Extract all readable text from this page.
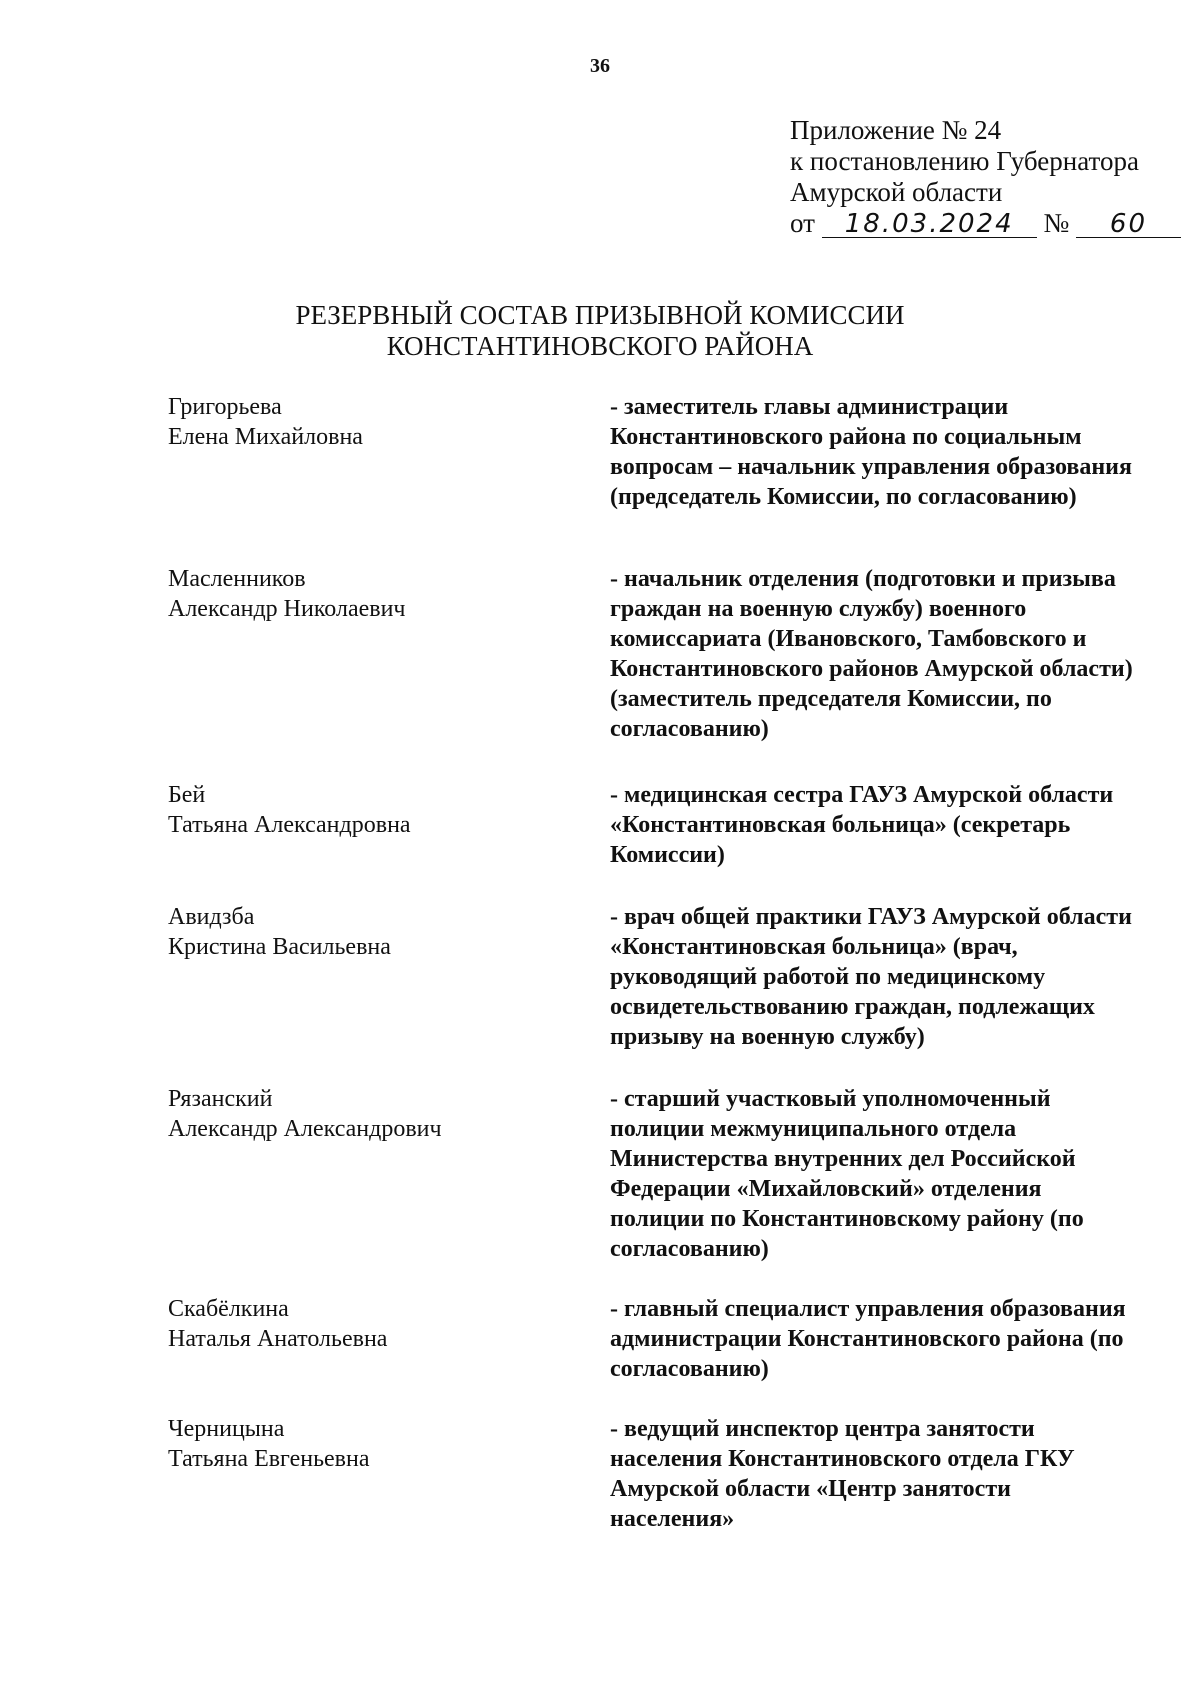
36
Приложение № 24
к постановлению Губернатора
Амурской области
от 18.03.2024 № 60
РЕЗЕРВНЫЙ СОСТАВ ПРИЗЫВНОЙ КОМИССИИ
КОНСТАНТИНОВСКОГО РАЙОНА
Григорьева
Елена Михайловна
- заместитель главы администрации Константиновского района по социальным вопросам – начальник управления образования (председатель Комиссии, по согласованию)
Масленников
Александр Николаевич
- начальник отделения (подготовки и призыва граждан на военную службу) военного комиссариата (Ивановского, Тамбовского и Константиновского районов Амурской области) (заместитель председателя Комиссии, по согласованию)
Бей
Татьяна Александровна
- медицинская сестра ГАУЗ Амурской области «Константиновская больница» (секретарь Комиссии)
Авидзба
Кристина Васильевна
- врач общей практики ГАУЗ Амурской области «Константиновская больница» (врач, руководящий работой по медицинскому освидетельствованию граждан, подлежащих призыву на военную службу)
Рязанский
Александр Александрович
- старший участковый уполномоченный полиции межмуниципального отдела Министерства внутренних дел Российской Федерации «Михайловский» отделения полиции по Константиновскому району (по согласованию)
Скабёлкина
Наталья Анатольевна
- главный специалист управления образования администрации Константиновского района (по согласованию)
Черницына
Татьяна Евгеньевна
- ведущий инспектор центра занятости населения Константиновского отдела ГКУ Амурской области «Центр занятости населения»
